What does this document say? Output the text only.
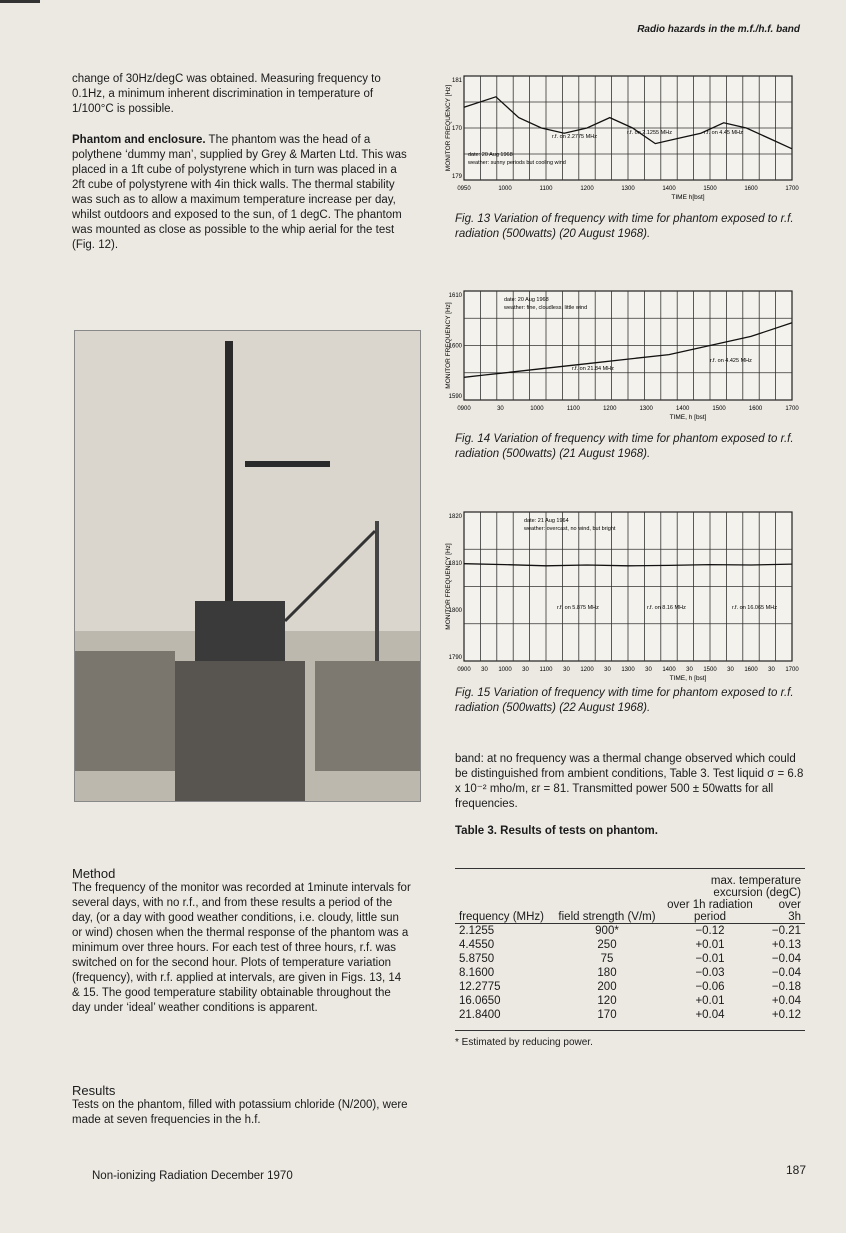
Radio hazards in the m.f./h.f. band

change of 30Hz/degC was obtained. Measuring frequency to 0.1Hz, a minimum inherent discrimination in temperature of 1/100°C is possible.

Phantom and enclosure. The phantom was the head of a polythene ‘dummy man’, supplied by Grey & Marten Ltd. This was placed in a 1ft cube of polystyrene which in turn was placed in a 2ft cube of polystyrene with 4in thick walls. The thermal stability was such as to allow a maximum temperature increase per day, whilst outdoors and exposed to the sun, of 1 degC. The phantom was mounted as close as possible to the whip aerial for the test (Fig. 12).

Method

The frequency of the monitor was recorded at 1minute intervals for several days, with no r.f., and from these results a period of the day, (or a day with good weather conditions, i.e. cloudy, little sun or wind) chosen when the thermal response of the phantom was a minimum over three hours. For each test of three hours, r.f. was switched on for the second hour. Plots of temperature variation (frequency), with r.f. applied at intervals, are given in Figs. 13, 14 & 15. The good temperature stability obtainable throughout the day under ‘ideal’ weather conditions is apparent.

Results

Tests on the phantom, filled with potassium chloride (N/200), were made at seven frequencies in the h.f.

0950	1000	1100	1200	1300	1400	1500	1600	1700
181
170
179
TIME h[bst]
MONITOR FREQUENCY [Hz]	date: 20 Aug 1968
weather: sunny periods but cooling wind
r.f. on 2.2775 MHz
r.f. on 2.1255 MHz	r.f. on 4.45 MHz
Fig. 13 Variation of frequency with time for phantom exposed to r.f. radiation (500watts) (20 August 1968).
0900	30	1000	1100	1200	1300	1400	1500	1600	1700
1610
1600
1590
TIME, h [bst]
MONITOR FREQUENCY [Hz]
date: 20 Aug 1968
weather: fine, cloudless, little wind
r.f. on 21.84 MHz
r.f. on 4.425 MHz
Fig. 14 Variation of frequency with time for phantom exposed to r.f. radiation (500watts) (21 August 1968).
0900 30 1000 30 1100 30 1200 30 1300 30 1400 30 1500 30 1600 30 1700
1820
1810
1800
1790
TIME, h [bst]
MONITOR FREQUENCY [Hz]
date: 21 Aug 1964
weather: overcast, no wind, but bright
r.f. on 5.875 MHz	r.f. on 8.16 MHz	r.f. on 16.065 MHz
Fig. 15 Variation of frequency with time for phantom exposed to r.f. radiation (500watts) (22 August 1968).

band: at no frequency was a thermal change observed which could be distinguished from ambient conditions, Table 3. Test liquid σ = 6.8 x 10⁻² mho/m, εr = 81. Transmitted power 500 ± 50watts for all frequencies.

Table 3. Results of tests on phantom.

		max. temperature excursion (degC)	
frequency (MHz)	field strength (V/m)	over 1h radiation period	over 3h
2.1255	900*	−0.12	−0.21
4.4550	250	+0.01	+0.13
5.8750	75	−0.01	−0.04
8.1600	180	−0.03	−0.04
12.2775	200	−0.06	−0.18
16.0650	120	+0.01	+0.04
21.8400	170	+0.04	+0.12
* Estimated by reducing power.
Non-ionizing Radiation December 1970	187
